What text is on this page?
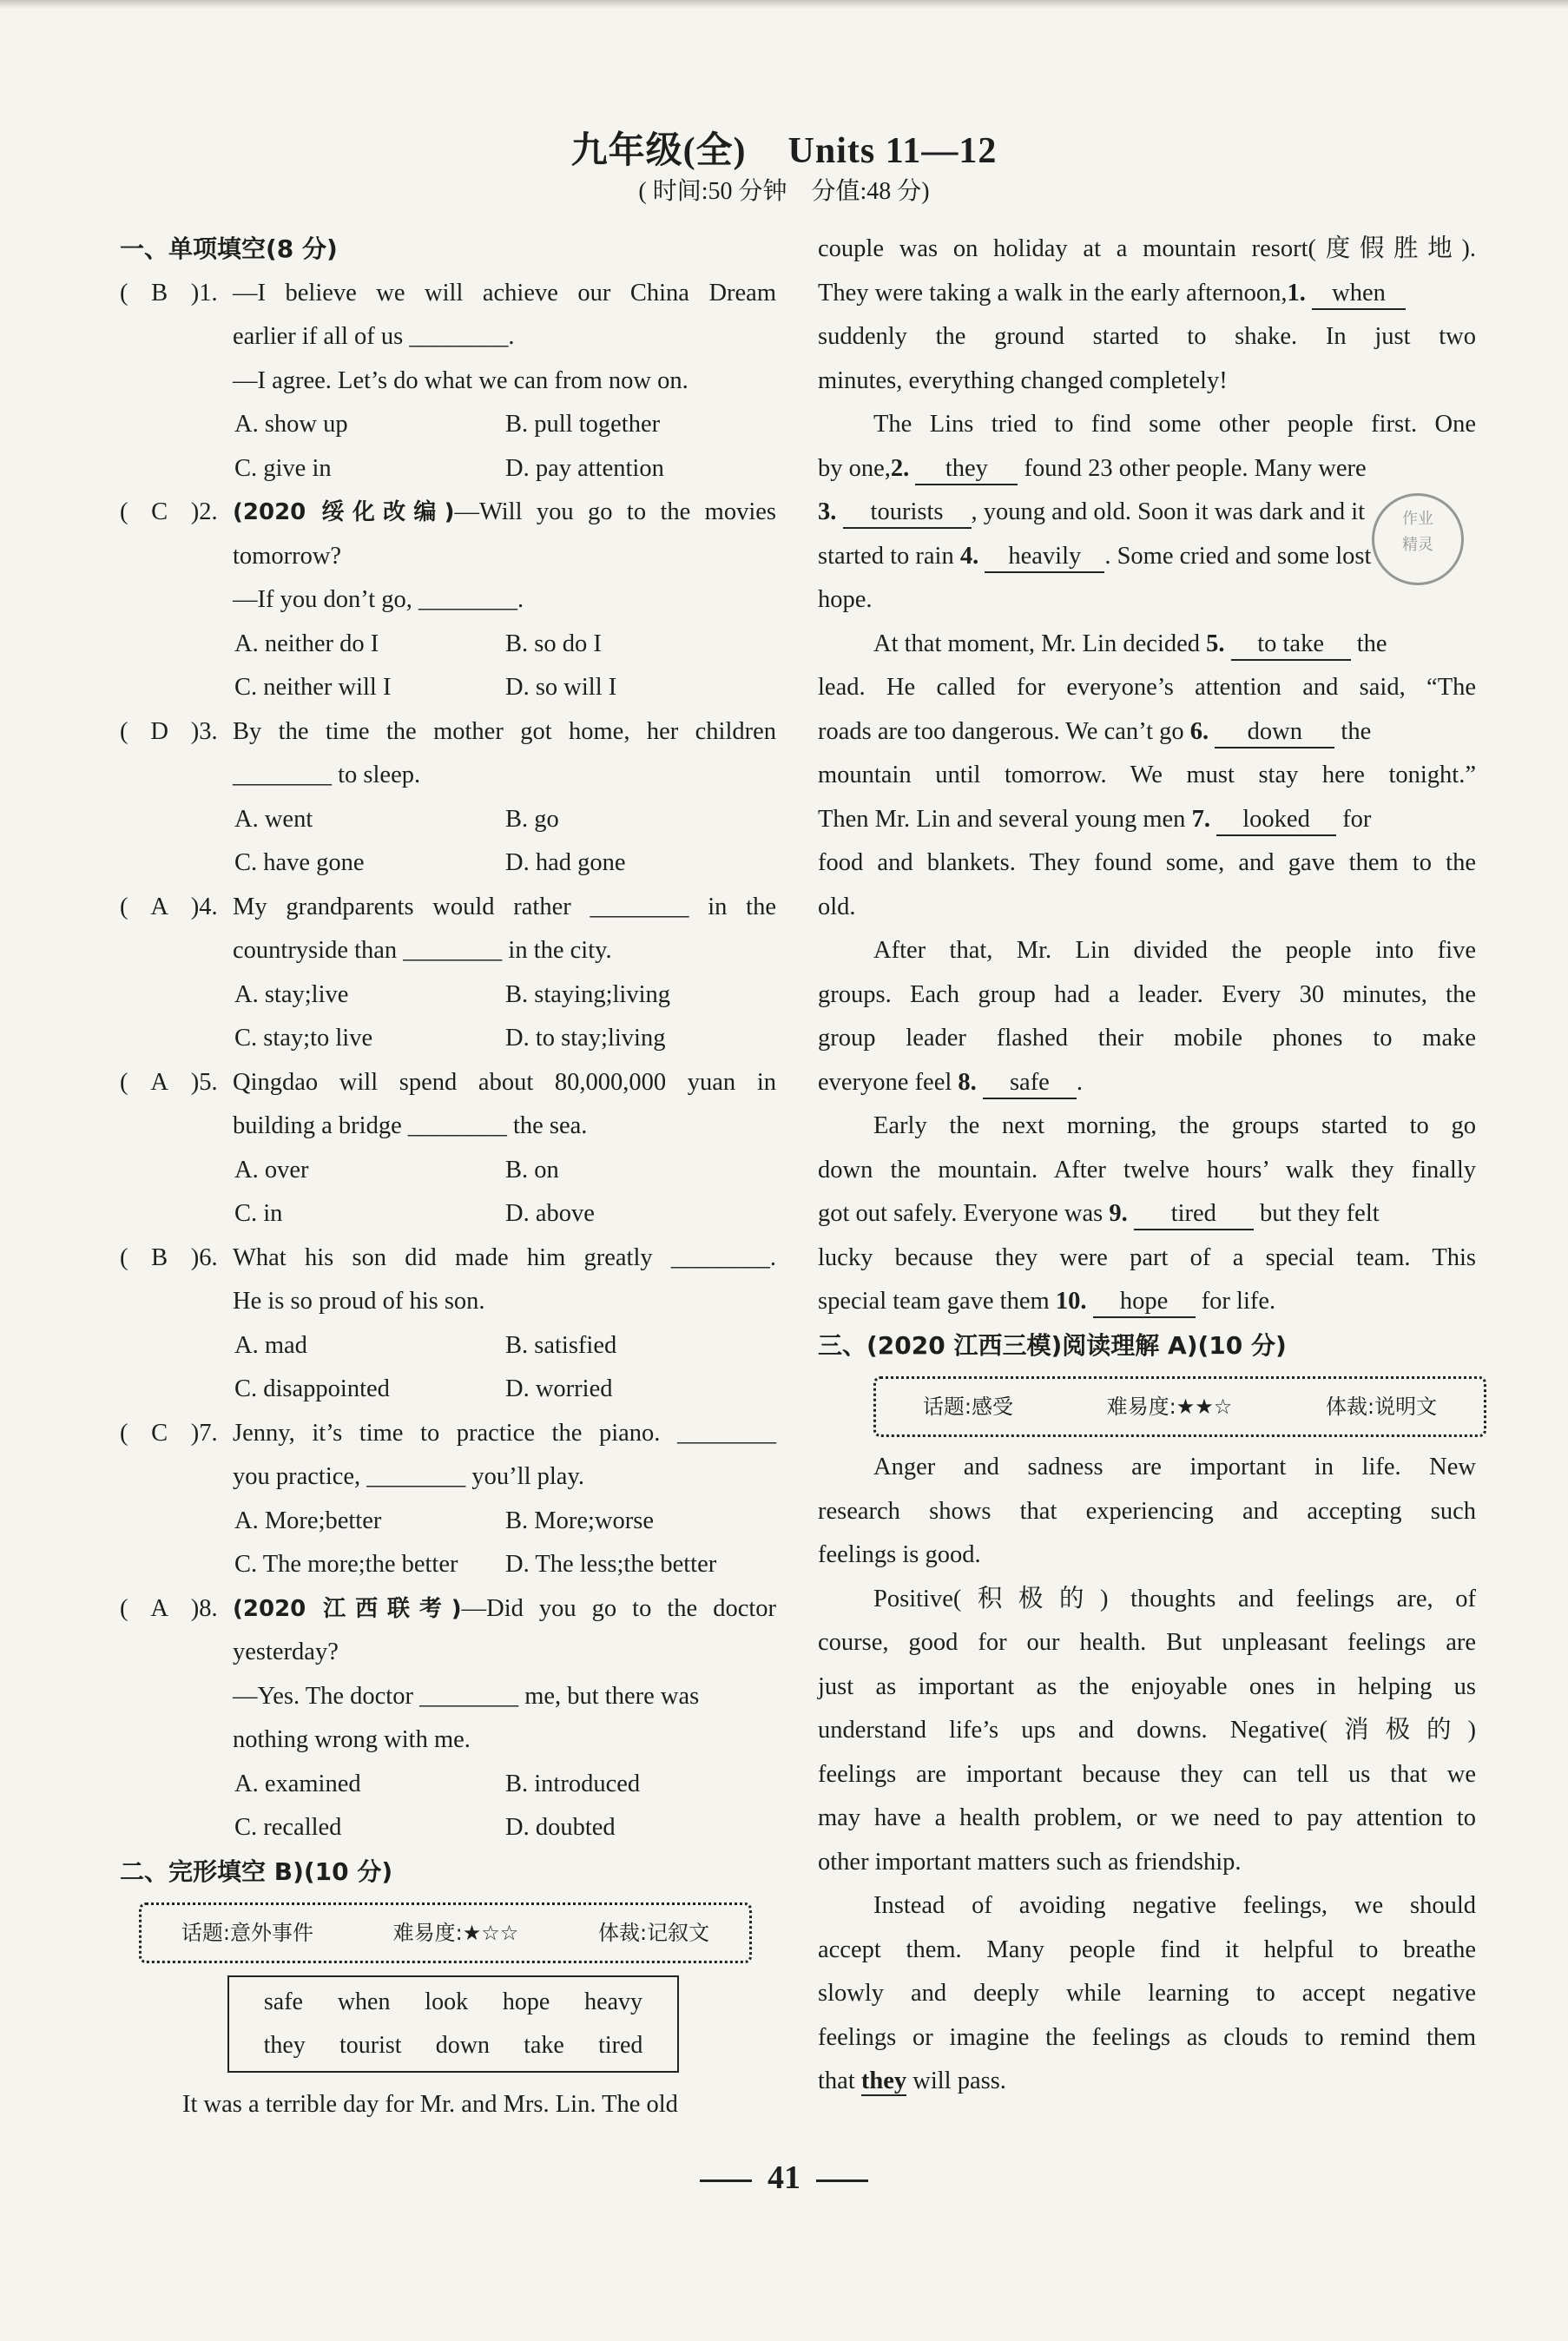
九年级(全) Units 11—12
( 时间:50 分钟　分值:48 分)
一、单项填空(8 分)
( B )1. —I believe we will achieve our China Dream
earlier if all of us ________.
—I agree. Let’s do what we can from now on.
A. show up	B. pull together
C. give in	D. pay attention
( C )2. (2020 绥化改编)—Will you go to the movies
tomorrow?
—If you don’t go, ________.
A. neither do I	B. so do I
C. neither will I	D. so will I
( D )3. By the time the mother got home, her children
________ to sleep.
A. went	B. go
C. have gone	D. had gone
( A )4. My grandparents would rather ________ in the
countryside than ________ in the city.
A. stay;live	B. staying;living
C. stay;to live	D. to stay;living
( A )5. Qingdao will spend about 80,000,000 yuan in
building a bridge ________ the sea.
A. over	B. on
C. in	D. above
( B )6. What his son did made him greatly ________.
He is so proud of his son.
A. mad	B. satisfied
C. disappointed	D. worried
( C )7. Jenny, it’s time to practice the piano. ________
you practice, ________ you’ll play.
A. More;better	B. More;worse
C. The more;the better	D. The less;the better
( A )8. (2020 江西联考)—Did you go to the doctor
yesterday?
—Yes. The doctor ________ me, but there was
nothing wrong with me.
A. examined	B. introduced
C. recalled	D. doubted
二、完形填空 B)(10 分)
话题:意外事件	难易度:★☆☆	体裁:记叙文
safe when look hope heavy
they tourist down take tired
It was a terrible day for Mr. and Mrs. Lin. The old
couple was on holiday at a mountain resort(度假胜地).
They were taking a walk in the early afternoon,1. when
suddenly the ground started to shake. In just two
minutes, everything changed completely!
The Lins tried to find some other people first. One
by one,2. they found 23 other people. Many were
3. tourists , young and old. Soon it was dark and it
started to rain 4. heavily . Some cried and some lost
hope.
At that moment, Mr. Lin decided 5. to take the
lead. He called for everyone’s attention and said, “The
roads are too dangerous. We can’t go 6. down the
mountain until tomorrow. We must stay here tonight.”
Then Mr. Lin and several young men 7. looked for
food and blankets. They found some, and gave them to the
old.
After that, Mr. Lin divided the people into five
groups. Each group had a leader. Every 30 minutes, the
group leader flashed their mobile phones to make
everyone feel 8. safe .
Early the next morning, the groups started to go
down the mountain. After twelve hours’ walk they finally
got out safely. Everyone was 9. tired but they felt
lucky because they were part of a special team. This
special team gave them 10. hope for life.
三、(2020 江西三模)阅读理解 A)(10 分)
话题:感受	难易度:★★☆	体裁:说明文
Anger and sadness are important in life. New
research shows that experiencing and accepting such
feelings is good.
Positive(积极的) thoughts and feelings are, of
course, good for our health. But unpleasant feelings are
just as important as the enjoyable ones in helping us
understand life’s ups and downs. Negative(消极的)
feelings are important because they can tell us that we
may have a health problem, or we need to pay attention to
other important matters such as friendship.
Instead of avoiding negative feelings, we should
accept them. Many people find it helpful to breathe
slowly and deeply while learning to accept negative
feelings or imagine the feelings as clouds to remind them
that they will pass.
作业
精灵
41
